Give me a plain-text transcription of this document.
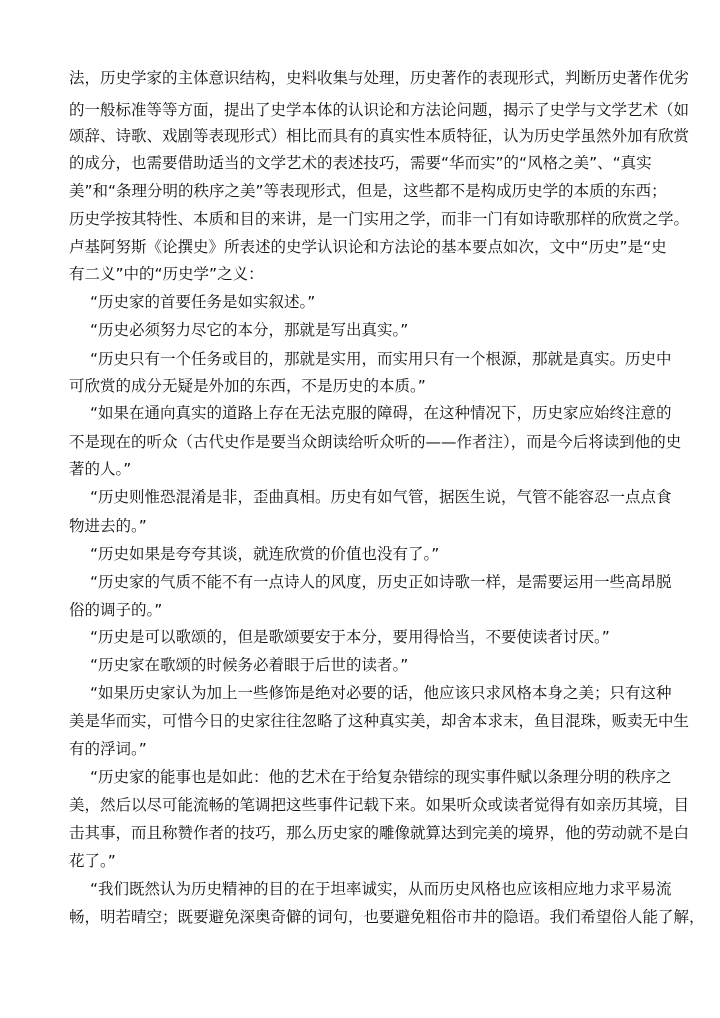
法，历史学家的主体意识结构，史料收集与处理，历史著作的表现形式，判断历史著作优劣
的一般标准等等方面，提出了史学本体的认识论和方法论问题，揭示了史学与文学艺术（如
颂辞、诗歌、戏剧等表现形式）相比而具有的真实性本质特征，认为历史学虽然外加有欣赏
的成分，也需要借助适当的文学艺术的表述技巧，需要“华而实”的“风格之美”、“真实
美”和“条理分明的秩序之美”等表现形式，但是，这些都不是构成历史学的本质的东西；
历史学按其特性、本质和目的来讲，是一门实用之学，而非一门有如诗歌那样的欣赏之学。
卢基阿努斯《论撰史》所表述的史学认识论和方法论的基本要点如次，文中“历史”是“史
有二义”中的“历史学”之义：
“历史家的首要任务是如实叙述。”
“历史必须努力尽它的本分，那就是写出真实。”
“历史只有一个任务或目的，那就是实用，而实用只有一个根源，那就是真实。历史中
可欣赏的成分无疑是外加的东西，不是历史的本质。”
“如果在通向真实的道路上存在无法克服的障碍，在这种情况下，历史家应始终注意的
不是现在的听众（古代史作是要当众朗读给听众听的——作者注），而是今后将读到他的史
著的人。”
“历史则惟恐混淆是非，歪曲真相。历史有如气管，据医生说，气管不能容忍一点点食
物进去的。”
“历史如果是夸夸其谈，就连欣赏的价值也没有了。”
“历史家的气质不能不有一点诗人的风度，历史正如诗歌一样，是需要运用一些高昂脱
俗的调子的。”
“历史是可以歌颂的，但是歌颂要安于本分，要用得恰当，不要使读者讨厌。”
“历史家在歌颂的时候务必着眼于后世的读者。”
“如果历史家认为加上一些修饰是绝对必要的话，他应该只求风格本身之美；只有这种
美是华而实，可惜今日的史家往往忽略了这种真实美，却舍本求末，鱼目混珠，贩卖无中生
有的浮词。”
“历史家的能事也是如此：他的艺术在于给复杂错综的现实事件赋以条理分明的秩序之
美，然后以尽可能流畅的笔调把这些事件记载下来。如果听众或读者觉得有如亲历其境，目
击其事，而且称赞作者的技巧，那么历史家的雕像就算达到完美的境界，他的劳动就不是白
花了。”
“我们既然认为历史精神的目的在于坦率诚实，从而历史风格也应该相应地力求平易流
畅，明若晴空；既要避免深奥奇僻的词句，也要避免粗俗市井的隐语。我们希望俗人能了解，
